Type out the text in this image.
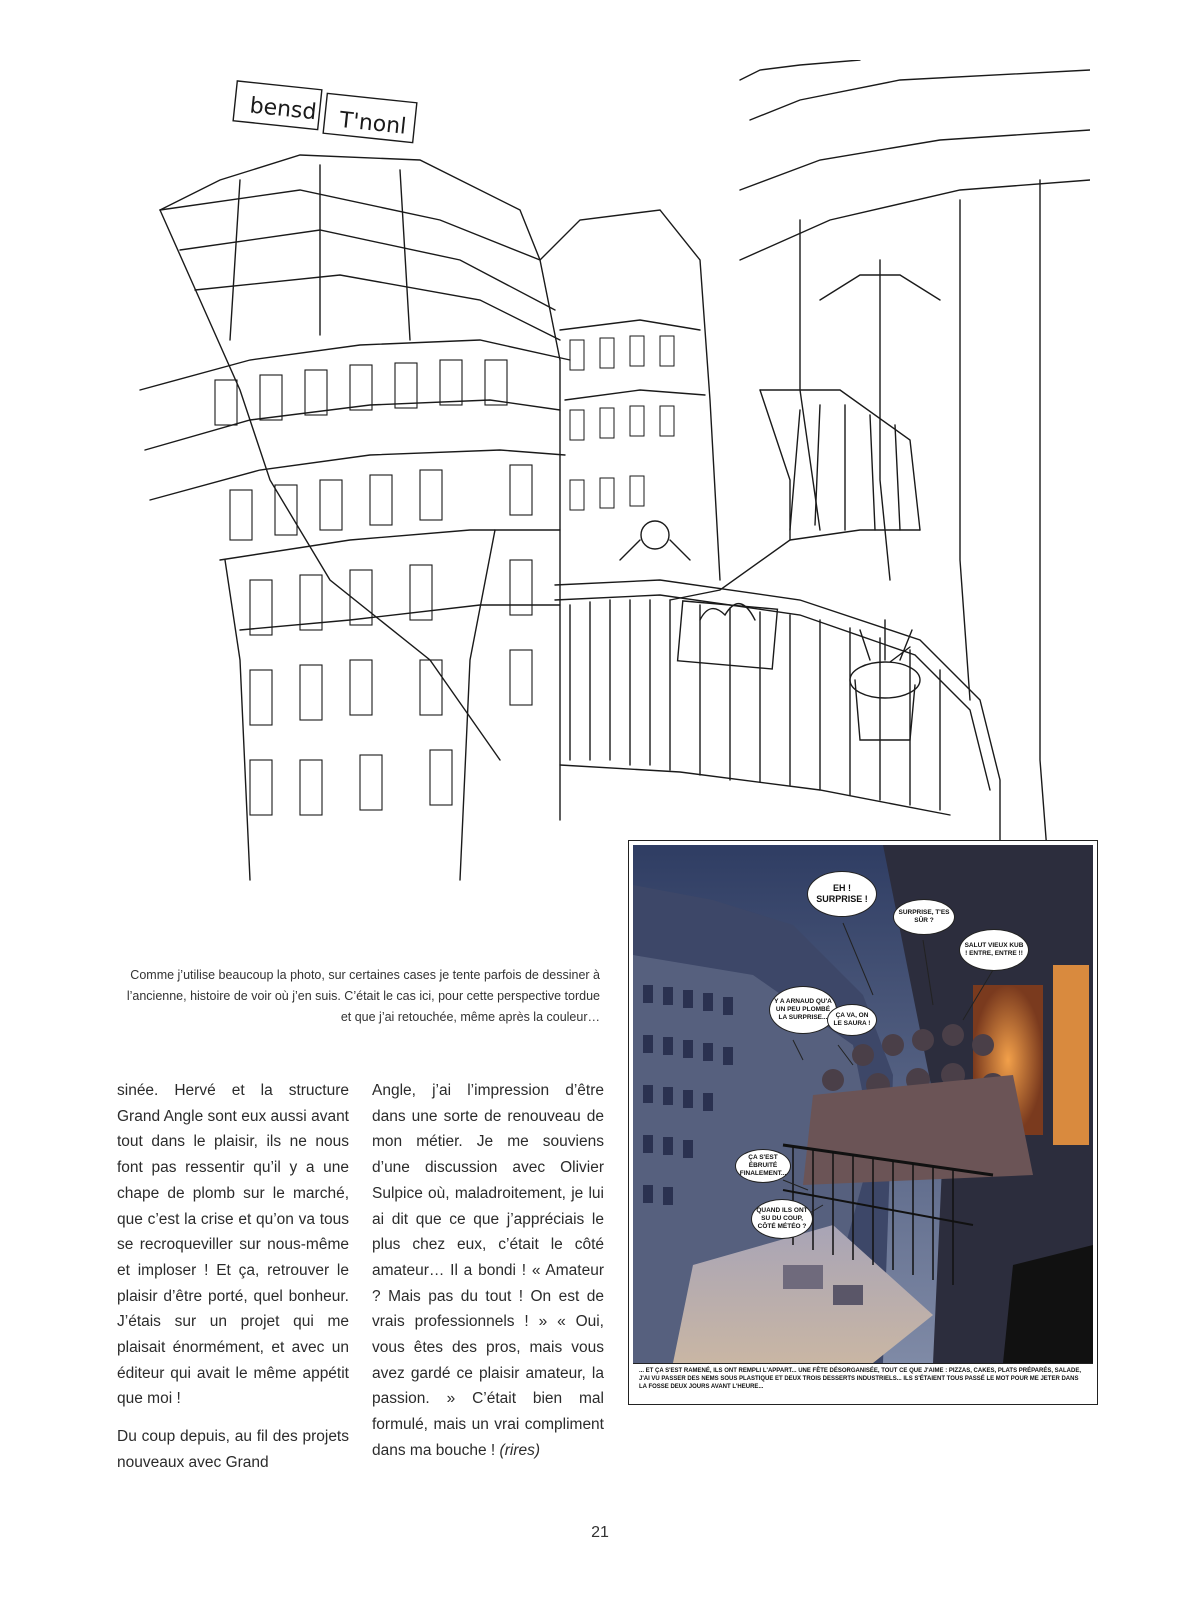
bensd T'nonl

Comme j’utilise beaucoup la photo, sur certaines cases je tente parfois de dessiner à

l’ancienne, histoire de voir où j’en suis. C’était le cas ici, pour cette perspective tordue

et que j’ai retouchée, même après la couleur…

sinée. Hervé et la structure Grand Angle sont eux aussi avant tout dans le plaisir, ils ne nous font pas ressentir qu’il y a une chape de plomb sur le marché, que c’est la crise et qu’on va tous se recroqueviller sur nous-même et imploser ! Et ça, retrouver le plaisir d’être porté, quel bonheur. J’étais sur un projet qui me plaisait énormément, et avec un éditeur qui avait le même appétit que moi !

Du coup depuis, au fil des projets nouveaux avec Grand

Angle, j’ai l’impression d’être dans une sorte de renouveau de mon métier. Je me souviens d’une discussion avec Olivier Sulpice où, maladroitement, je lui ai dit que ce que j’appréciais le plus chez eux, c’était le côté amateur… Il a bondi ! « Amateur ? Mais pas du tout ! On est de vrais professionnels ! » « Oui, vous êtes des pros, mais vous avez gardé ce plaisir amateur, la passion. » C’était bien mal formulé, mais un vrai compliment dans ma bouche ! (rires)

EH ! SURPRISE !
SURPRISE, T'ES SÛR ?
SALUT VIEUX KUB ! ENTRE, ENTRE !!
Y A ARNAUD QU'A UN PEU PLOMBÉ LA SURPRISE...	ÇA VA, ON LE SAURA !
ÇA S'EST ÉBRUITÉ FINALEMENT...
QUAND ILS ONT SU DU COUP, CÔTÉ MÉTÉO ?
... ET ÇA S'EST RAMENÉ, ILS ONT REMPLI L'APPART... UNE FÊTE DÉSORGANISÉE, TOUT CE QUE J'AIME : PIZZAS, CAKES, PLATS PRÉPARÉS, SALADE, J'AI VU PASSER DES NEMS SOUS PLASTIQUE ET DEUX TROIS DESSERTS INDUSTRIELS... ILS S'ÉTAIENT TOUS PASSÉ LE MOT POUR ME JETER DANS LA FOSSE DEUX JOURS AVANT L'HEURE...
21
